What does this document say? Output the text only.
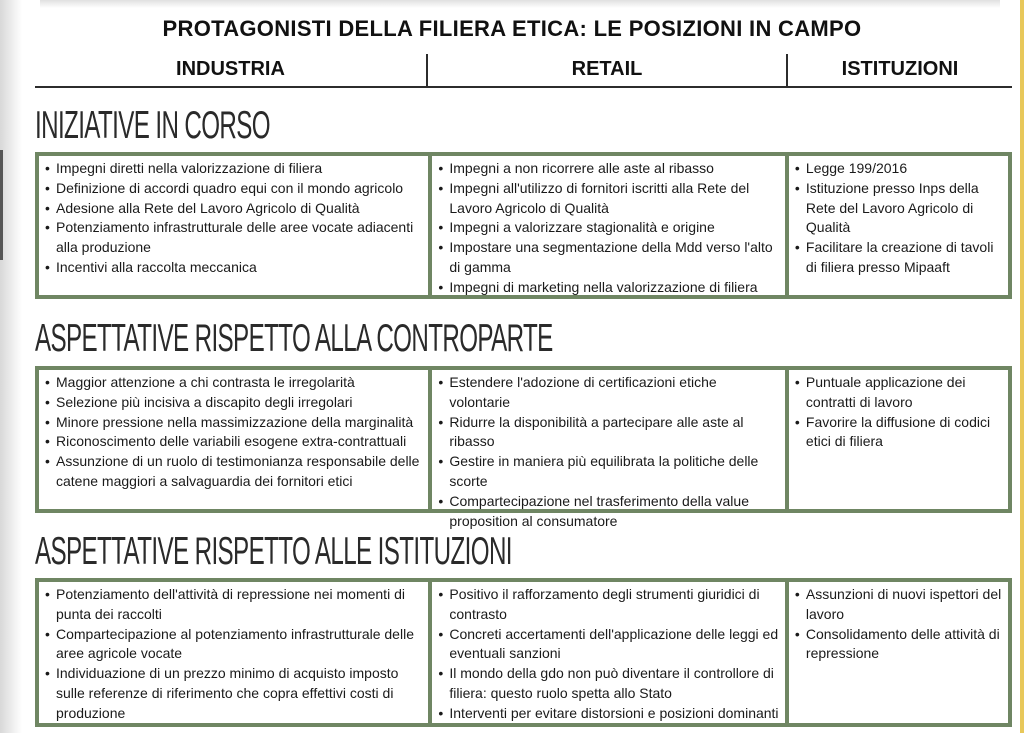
PROTAGONISTI DELLA FILIERA ETICA: LE POSIZIONI IN CAMPO
INDUSTRIA	RETAIL	ISTITUZIONI
INIZIATIVE IN CORSO
• Impegni diretti nella valorizzazione di filiera
• Definizione di accordi quadro equi con il mondo agricolo
• Adesione alla Rete del Lavoro Agricolo di Qualità
• Potenziamento infrastrutturale delle aree vocate adiacenti alla produzione
• Incentivi alla raccolta meccanica
• Impegni a non ricorrere alle aste al ribasso
• Impegni all'utilizzo di fornitori iscritti alla Rete del Lavoro Agricolo di Qualità
• Impegni a valorizzare stagionalità e origine
• Impostare una segmentazione della Mdd verso l'alto di gamma
• Impegni di marketing nella valorizzazione di filiera
• Legge 199/2016
• Istituzione presso Inps della Rete del Lavoro Agricolo di Qualità
• Facilitare la creazione di tavoli di filiera presso Mipaaft
ASPETTATIVE RISPETTO ALLA CONTROPARTE
• Maggior attenzione a chi contrasta le irregolarità
• Selezione più incisiva a discapito degli irregolari
• Minore pressione nella massimizzazione della marginalità
• Riconoscimento delle variabili esogene extra-contrattuali
• Assunzione di un ruolo di testimonianza responsabile delle catene maggiori a salvaguardia dei fornitori etici
• Estendere l'adozione di certificazioni etiche volontarie
• Ridurre la disponibilità a partecipare alle aste al ribasso
• Gestire in maniera più equilibrata la politiche delle scorte
• Compartecipazione nel trasferimento della value proposition al consumatore
• Puntuale applicazione dei contratti di lavoro
• Favorire la diffusione di codici etici di filiera
ASPETTATIVE RISPETTO ALLE ISTITUZIONI
• Potenziamento dell'attività di repressione nei momenti di punta dei raccolti
• Compartecipazione al potenziamento infrastrutturale delle aree agricole vocate
• Individuazione di un prezzo minimo di acquisto imposto sulle referenze di riferimento che copra effettivi costi di produzione
• Positivo il rafforzamento degli strumenti giuridici di contrasto
• Concreti accertamenti dell'applicazione delle leggi ed eventuali sanzioni
• Il mondo della gdo non può diventare il controllore di filiera: questo ruolo spetta allo Stato
• Interventi per evitare distorsioni e posizioni dominanti
• Assunzioni di nuovi ispettori del lavoro
• Consolidamento delle attività di repressione
